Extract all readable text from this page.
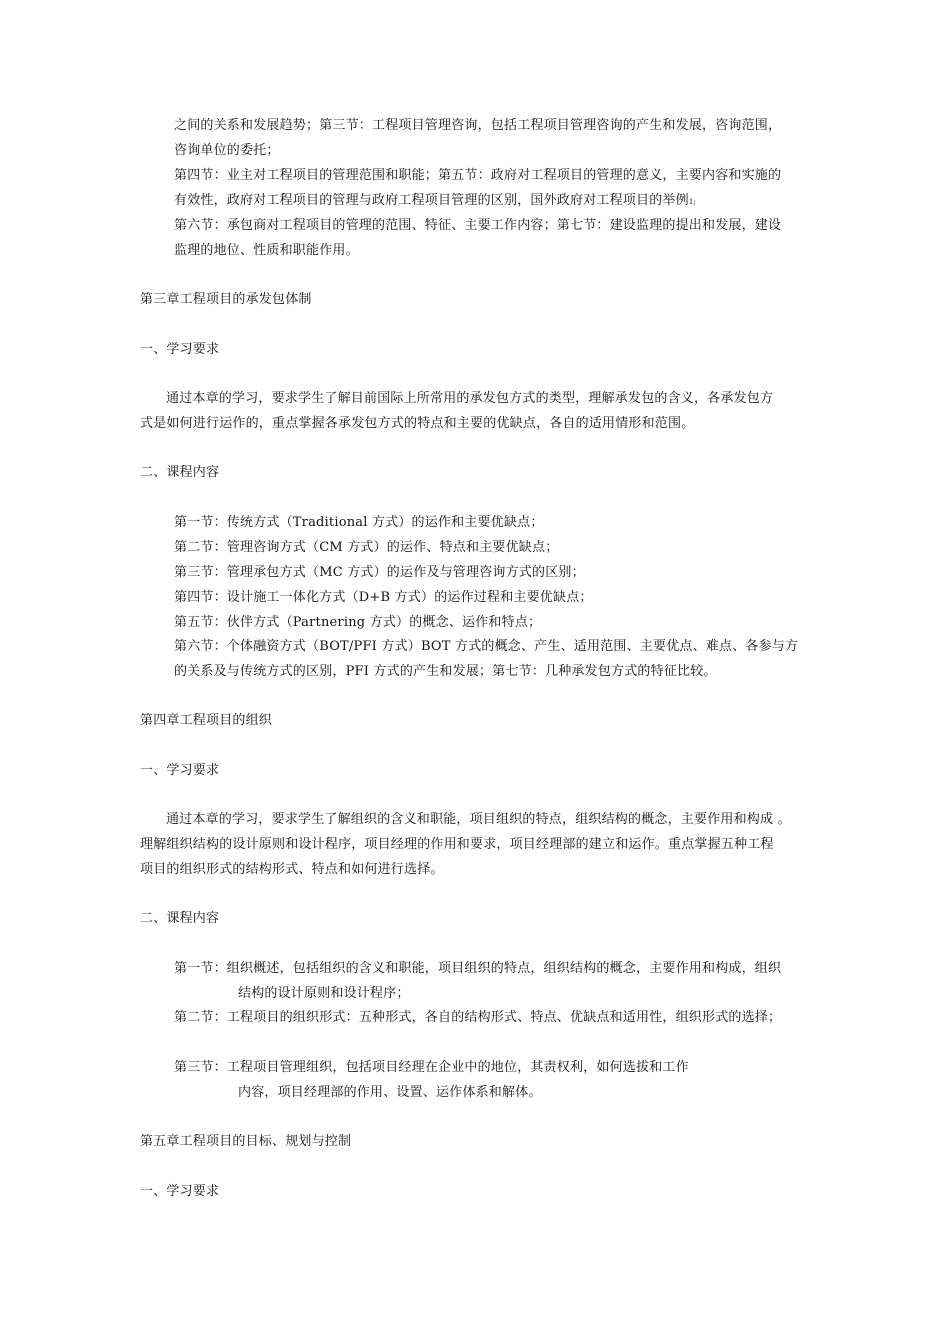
之间的关系和发展趋势；第三节：工程项目管理咨询，包括工程项目管理咨询的产生和发展，咨询范围，
咨询单位的委托；
第四节：业主对工程项目的管理范围和职能；第五节：政府对工程项目的管理的意义，主要内容和实施的
有效性，政府对工程项目的管理与政府工程项目管理的区别，国外政府对工程项目的举例1;
第六节：承包商对工程项目的管理的范围、特征、主要工作内容；第七节：建设监理的提出和发展，建设
监理的地位、性质和职能作用。
第三章工程项目的承发包体制
一、学习要求
通过本章的学习，要求学生了解目前国际上所常用的承发包方式的类型，理解承发包的含义，各承发包方
式是如何进行运作的，重点掌握各承发包方式的特点和主要的优缺点，各自的适用情形和范围。
二、课程内容
第一节：传统方式（Traditional 方式）的运作和主要优缺点；
第二节：管理咨询方式（CM 方式）的运作、特点和主要优缺点；
第三节：管理承包方式（MC 方式）的运作及与管理咨询方式的区别；
第四节：设计施工一体化方式（D+B 方式）的运作过程和主要优缺点；
第五节：伙伴方式（Partnering 方式）的概念、运作和特点；
第六节：个体融资方式（BOT/PFI 方式）BOT 方式的概念、产生、适用范围、主要优点、难点、各参与方
的关系及与传统方式的区别，PFI 方式的产生和发展；第七节：几种承发包方式的特征比较。
第四章工程项目的组织
一、学习要求
通过本章的学习，要求学生了解组织的含义和职能，项目组织的特点，组织结构的概念，主要作用和构成 。
理解组织结构的设计原则和设计程序，项目经理的作用和要求，项目经理部的建立和运作。重点掌握五种工程
项目的组织形式的结构形式、特点和如何进行选择。
二、课程内容
第一节：组织概述，包括组织的含义和职能，项目组织的特点，组织结构的概念，主要作用和构成，组织
结构的设计原则和设计程序；
第二节：工程项目的组织形式：五种形式，各自的结构形式、特点、优缺点和适用性，组织形式的选择；
第三节：工程项目管理组织，包括项目经理在企业中的地位，其责权利，如何选拔和工作
内容，项目经理部的作用、设置、运作体系和解体。
第五章工程项目的目标、规划与控制
一、学习要求
